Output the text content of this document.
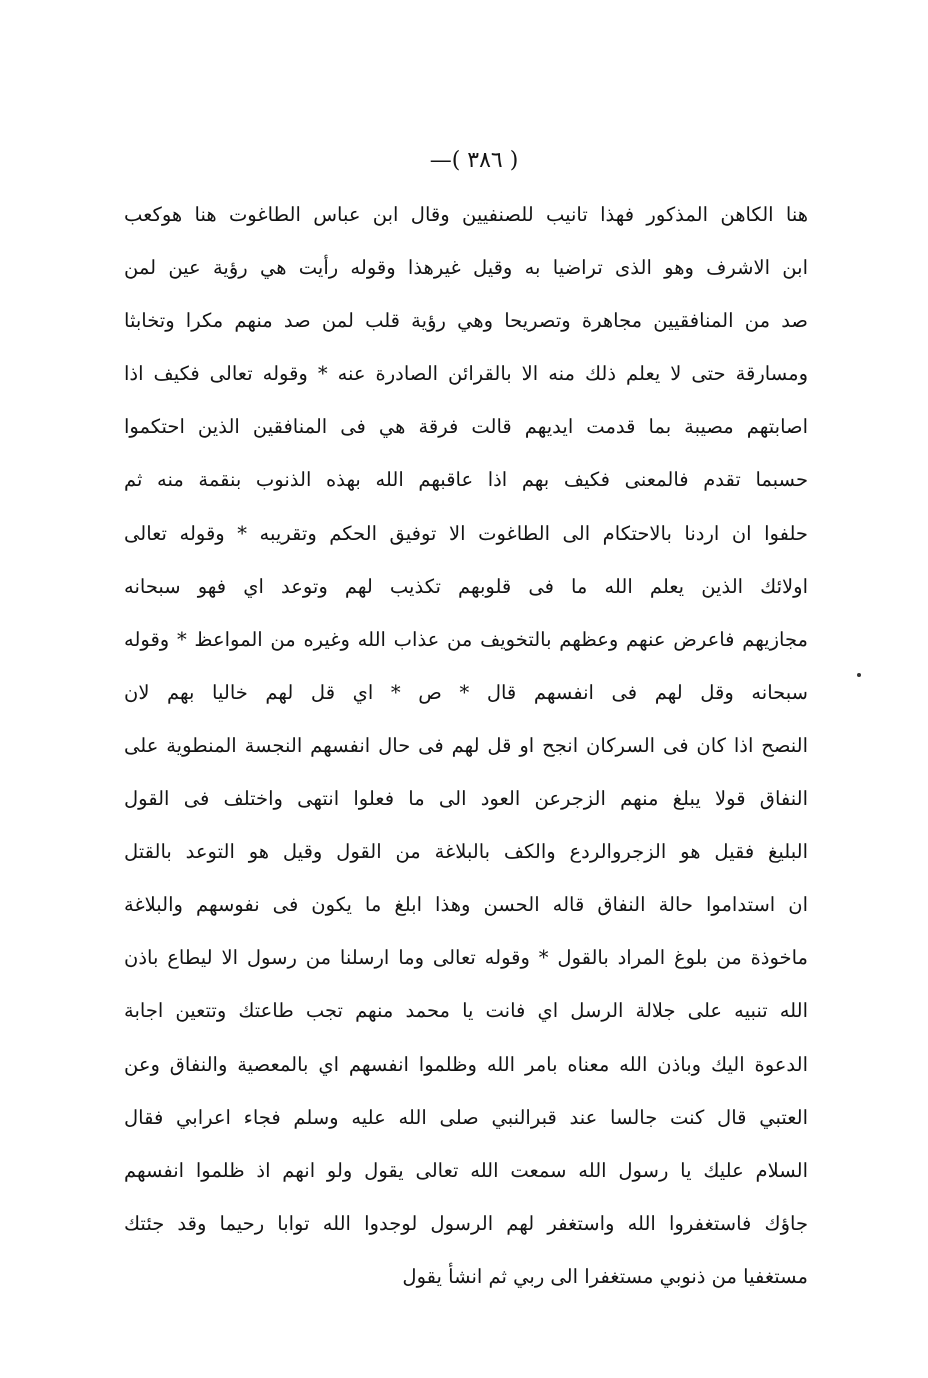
( ٣٨٦ )—
هنا الكاهن المذكور فهذا تانيب للصنفيين وقال ابن عباس الطاغوت هنا هوكعب
ابن الاشرف وهو الذى تراضيا به وقيل غيرهذا وقوله رأيت هي رؤية عين لمن
صد من المنافقيين مجاهرة وتصريحا وهي رؤية قلب لمن صد منهم مكرا وتخابثا
ومسارقة حتى لا يعلم ذلك منه الا بالقرائن الصادرة عنه * وقوله تعالى فكيف اذا
اصابتهم مصيبة بما قدمت ايديهم قالت فرقة هي فى المنافقين الذين احتكموا
حسبما تقدم فالمعنى فكيف بهم اذا عاقبهم الله بهذه الذنوب بنقمة منه ثم
حلفوا ان اردنا بالاحتكام الى الطاغوت الا توفيق الحكم وتقريبه * وقوله تعالى
اولائك الذين يعلم الله ما فى قلوبهم تكذيب لهم وتوعد اي فهو سبحانه
مجازيهم فاعرض عنهم وعظهم بالتخويف من عذاب الله وغيره من المواعظ * وقوله
سبحانه وقل لهم فى انفسهم قال * ص * اي قل لهم خاليا بهم لان
النصح اذا كان فى السركان انجح او قل لهم فى حال انفسهم النجسة المنطوية على
النفاق قولا يبلغ منهم الزجرعن العود الى ما فعلوا انتهى واختلف فى القول
البليغ فقيل هو الزجروالردع والكف بالبلاغة من القول وقيل هو التوعد بالقتل
ان استداموا حالة النفاق قاله الحسن وهذا ابلغ ما يكون فى نفوسهم والبلاغة
ماخوذة من بلوغ المراد بالقول * وقوله تعالى وما ارسلنا من رسول الا ليطاع باذن
الله تنبيه على جلالة الرسل اي فانت يا محمد منهم تجب طاعتك وتتعين اجابة
الدعوة اليك وباذن الله معناه بامر الله وظلموا انفسهم اي بالمعصية والنفاق وعن
العتبي قال كنت جالسا عند قبرالنبي صلى الله عليه وسلم فجاء اعرابي فقال
السلام عليك يا رسول الله سمعت الله تعالى يقول ولو انهم اذ ظلموا انفسهم
جاؤك فاستغفروا الله واستغفر لهم الرسول لوجدوا الله توابا رحيما وقد جئتك
مستغفيا من ذنوبي مستغفرا الى ربي ثم انشأ يقول
